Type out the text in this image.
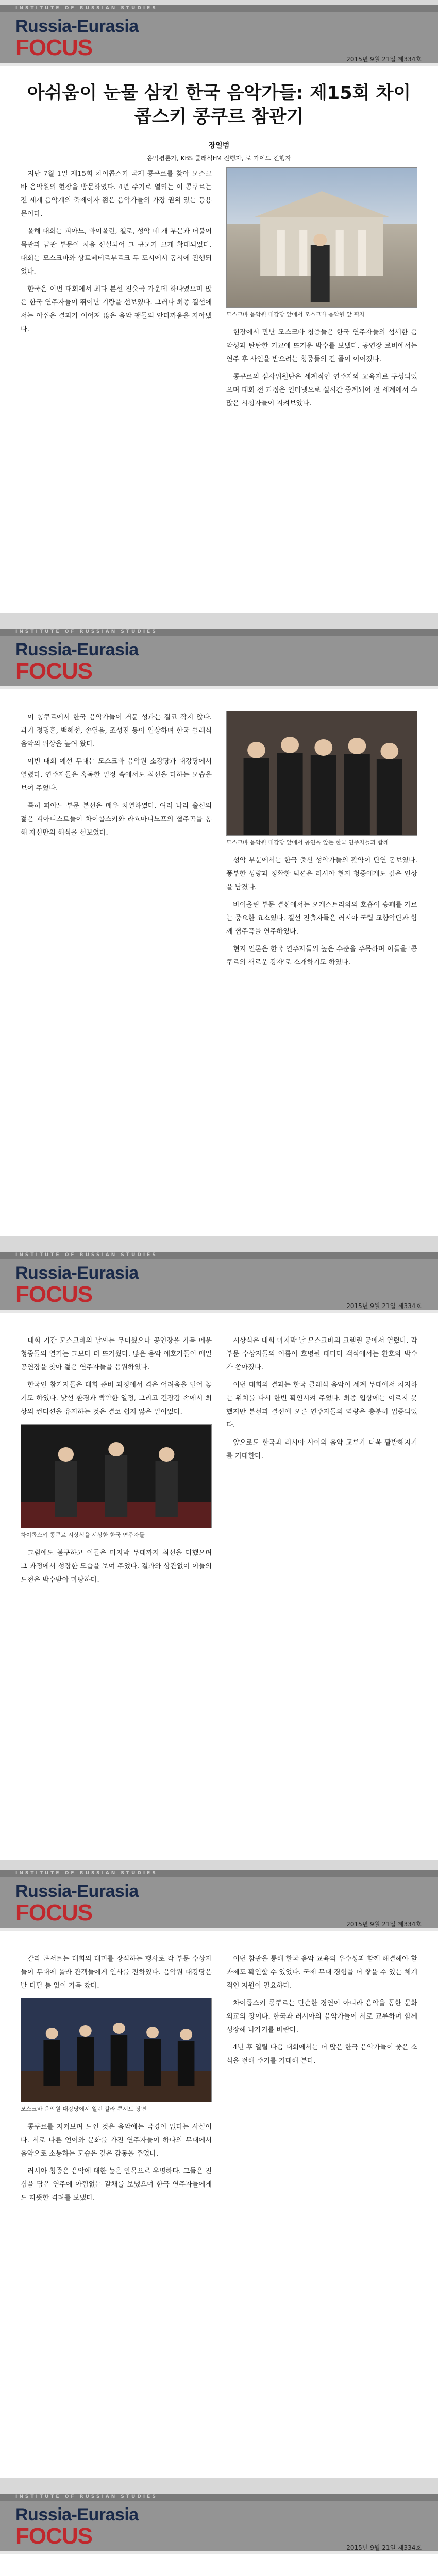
INSTITUTE OF RUSSIAN STUDIES
Russia-Eurasia
FOCUS	2015년 9월 21일 제334호
아쉬움이 눈물 삼킨 한국 음악가들: 제15회 차이콥스키 콩쿠르 참관기
장일범
음악평론가, KBS 클래식FM 진행자, 로 가이드 진행자

지난 7월 1일 제15회 차이콥스키 국제 콩쿠르를 찾아 모스크바 음악원의 현장을 방문하였다. 4년 주기로 열리는 이 콩쿠르는 전 세계 음악계의 축제이자 젊은 음악가들의 가장 권위 있는 등용문이다.

올해 대회는 피아노, 바이올린, 첼로, 성악 네 개 부문과 더불어 목관과 금관 부문이 처음 신설되어 그 규모가 크게 확대되었다. 대회는 모스크바와 상트페테르부르크 두 도시에서 동시에 진행되었다.

한국은 이번 대회에서 최다 본선 진출국 가운데 하나였으며 많은 한국 연주자들이 뛰어난 기량을 선보였다. 그러나 최종 결선에서는 아쉬운 결과가 이어져 많은 음악 팬들의 안타까움을 자아냈다.

모스크바 음악원 대강당 앞에서 모스크바 음악원 앞 필자

현장에서 만난 모스크바 청중들은 한국 연주자들의 섬세한 음악성과 탄탄한 기교에 뜨거운 박수를 보냈다. 공연장 로비에서는 연주 후 사인을 받으려는 청중들의 긴 줄이 이어졌다.

콩쿠르의 심사위원단은 세계적인 연주자와 교육자로 구성되었으며 대회 전 과정은 인터넷으로 실시간 중계되어 전 세계에서 수많은 시청자들이 지켜보았다.

INSTITUTE OF RUSSIAN STUDIES
Russia-Eurasia
FOCUS

이 콩쿠르에서 한국 음악가들이 거둔 성과는 결코 작지 않다. 과거 정명훈, 백혜선, 손열음, 조성진 등이 입상하며 한국 클래식 음악의 위상을 높여 왔다.

이번 대회 예선 무대는 모스크바 음악원 소강당과 대강당에서 열렸다. 연주자들은 혹독한 일정 속에서도 최선을 다하는 모습을 보여 주었다.

특히 피아노 부문 본선은 매우 치열하였다. 여러 나라 출신의 젊은 피아니스트들이 차이콥스키와 라흐마니노프의 협주곡을 통해 자신만의 해석을 선보였다.

모스크바 음악원 대강당 앞에서 공연을 앞둔 한국 연주자들과 함께

성악 부문에서는 한국 출신 성악가들의 활약이 단연 돋보였다. 풍부한 성량과 정확한 딕션은 러시아 현지 청중에게도 깊은 인상을 남겼다.

바이올린 부문 결선에서는 오케스트라와의 호흡이 승패를 가르는 중요한 요소였다. 결선 진출자들은 러시아 국립 교향악단과 함께 협주곡을 연주하였다.

현지 언론은 한국 연주자들의 높은 수준을 주목하며 이들을 '콩쿠르의 새로운 강자'로 소개하기도 하였다.

INSTITUTE OF RUSSIAN STUDIES
Russia-Eurasia
FOCUS	2015년 9월 21일 제334호

대회 기간 모스크바의 날씨는 무더웠으나 공연장을 가득 메운 청중들의 열기는 그보다 더 뜨거웠다. 많은 음악 애호가들이 매일 공연장을 찾아 젊은 연주자들을 응원하였다.

한국인 참가자들은 대회 준비 과정에서 겪은 어려움을 털어 놓기도 하였다. 낯선 환경과 빡빡한 일정, 그리고 긴장감 속에서 최상의 컨디션을 유지하는 것은 결코 쉽지 않은 일이었다.

차이콥스키 콩쿠르 시상식을 시상한 한국 연주자들

그럼에도 불구하고 이들은 마지막 무대까지 최선을 다했으며 그 과정에서 성장한 모습을 보여 주었다. 결과와 상관없이 이들의 도전은 박수받아 마땅하다.

시상식은 대회 마지막 날 모스크바의 크렘린 궁에서 열렸다. 각 부문 수상자들의 이름이 호명될 때마다 객석에서는 환호와 박수가 쏟아졌다.

이번 대회의 결과는 한국 클래식 음악이 세계 무대에서 차지하는 위치를 다시 한번 확인시켜 주었다. 최종 입상에는 이르지 못했지만 본선과 결선에 오른 연주자들의 역량은 충분히 입증되었다.

앞으로도 한국과 러시아 사이의 음악 교류가 더욱 활발해지기를 기대한다.

INSTITUTE OF RUSSIAN STUDIES
Russia-Eurasia
FOCUS	2015년 9월 21일 제334호

갈라 콘서트는 대회의 대미를 장식하는 행사로 각 부문 수상자들이 무대에 올라 관객들에게 인사를 전하였다. 음악원 대강당은 발 디딜 틈 없이 가득 찼다.

모스크바 음악원 대강당에서 열린 갈라 콘서트 장면

콩쿠르를 지켜보며 느낀 것은 음악에는 국경이 없다는 사실이다. 서로 다른 언어와 문화를 가진 연주자들이 하나의 무대에서 음악으로 소통하는 모습은 깊은 감동을 주었다.

러시아 청중은 음악에 대한 높은 안목으로 유명하다. 그들은 진심을 담은 연주에 아낌없는 갈채를 보냈으며 한국 연주자들에게도 따뜻한 격려를 보냈다.

이번 참관을 통해 한국 음악 교육의 우수성과 함께 해결해야 할 과제도 확인할 수 있었다. 국제 무대 경험을 더 쌓을 수 있는 체계적인 지원이 필요하다.

차이콥스키 콩쿠르는 단순한 경연이 아니라 음악을 통한 문화 외교의 장이다. 한국과 러시아의 음악가들이 서로 교류하며 함께 성장해 나가기를 바란다.

4년 후 열릴 다음 대회에서는 더 많은 한국 음악가들이 좋은 소식을 전해 주기를 기대해 본다.

INSTITUTE OF RUSSIAN STUDIES
Russia-Eurasia
FOCUS	2015년 9월 21일 제334호
